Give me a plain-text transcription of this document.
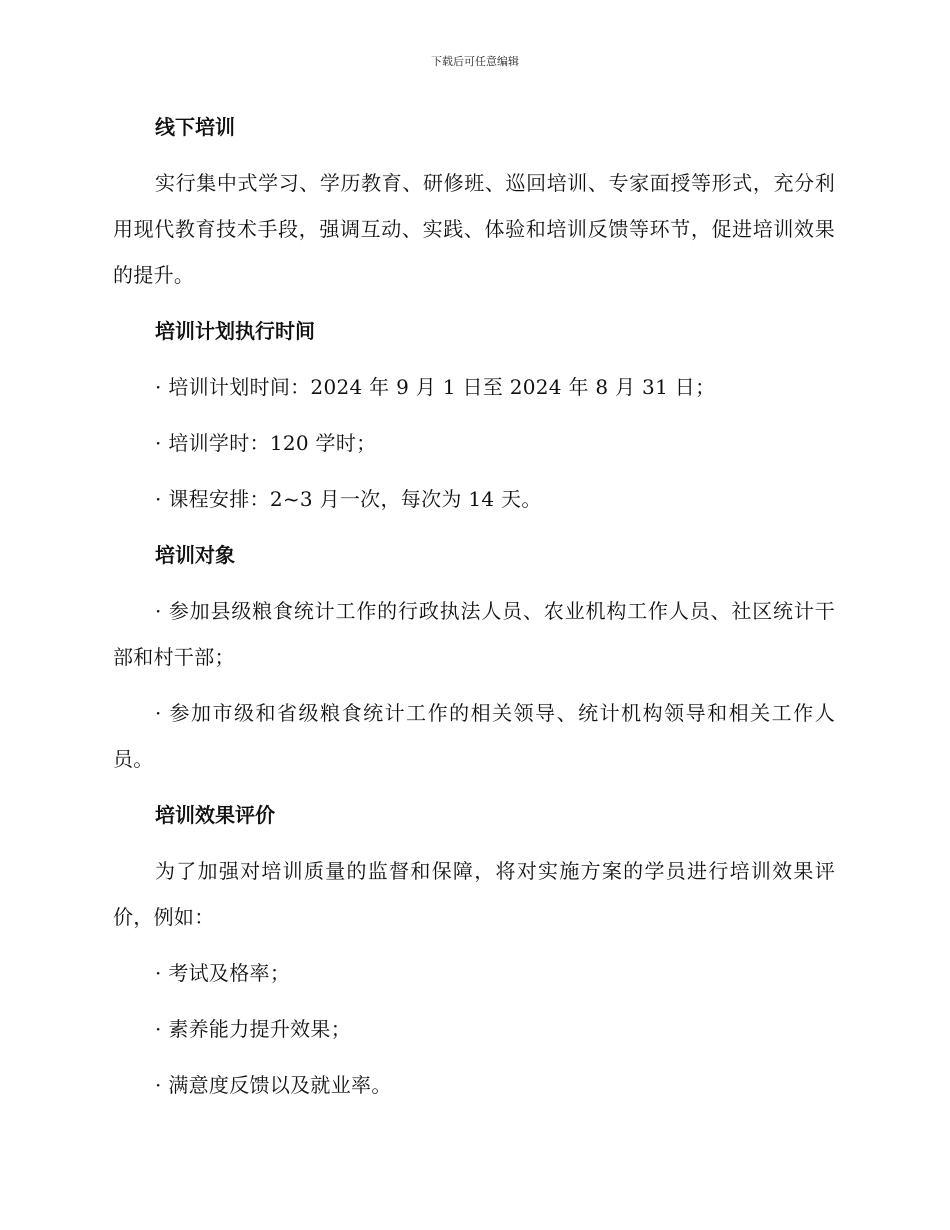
下载后可任意编辑
线下培训
实行集中式学习、学历教育、研修班、巡回培训、专家面授等形式，充分利用现代教育技术手段，强调互动、实践、体验和培训反馈等环节，促进培训效果的提升。
培训计划执行时间
· 培训计划时间：2024 年 9 月 1 日至 2024 年 8 月 31 日；
· 培训学时：120 学时；
· 课程安排：2~3 月一次，每次为 14 天。
培训对象
· 参加县级粮食统计工作的行政执法人员、农业机构工作人员、社区统计干部和村干部；
· 参加市级和省级粮食统计工作的相关领导、统计机构领导和相关工作人员。
培训效果评价
为了加强对培训质量的监督和保障，将对实施方案的学员进行培训效果评价，例如：
· 考试及格率；
· 素养能力提升效果；
· 满意度反馈以及就业率。
